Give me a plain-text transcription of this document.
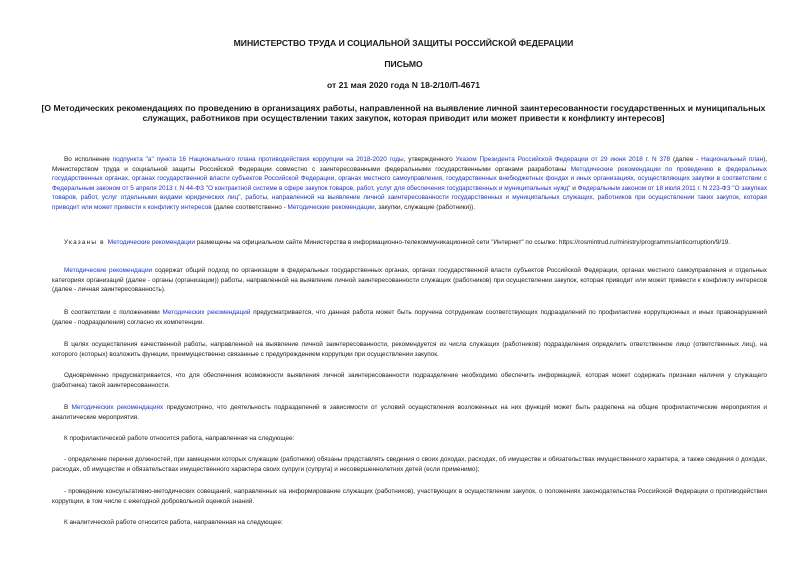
МИНИСТЕРСТВО ТРУДА И СОЦИАЛЬНОЙ ЗАЩИТЫ РОССИЙСКОЙ ФЕДЕРАЦИИ
ПИСЬМО
от 21 мая 2020 года N 18-2/10/П-4671
[О Методических рекомендациях по проведению в организациях работы, направленной на выявление личной заинтересованности государственных и муниципальных служащих, работников при осуществлении таких закупок, которая приводит или может привести к конфликту интересов]

Во исполнение подпункта "а" пункта 16 Национального плана противодействия коррупции на 2018-2020 годы, утвержденного Указом Президента Российской Федерации от 29 июня 2018 г. N 378 (далее - Национальный план), Министерством труда и социальной защиты Российской Федерации совместно с заинтересованными федеральными государственными органами разработаны Методические рекомендации по проведению в федеральных государственных органах, органах государственной власти субъектов Российской Федерации, органах местного самоуправления, государственных внебюджетных фондах и иных организациях, осуществляющих закупки в соответствии с Федеральным законом от 5 апреля 2013 г. N 44-ФЗ "О контрактной системе в сфере закупок товаров, работ, услуг для обеспечения государственных и муниципальных нужд" и Федеральным законом от 18 июля 2011 г. N 223-ФЗ "О закупках товаров, работ, услуг отдельными видами юридических лиц", работы, направленной на выявление личной заинтересованности государственных и муниципальных служащих, работников при осуществлении таких закупок, которая приводит или может привести к конфликту интересов (далее соответственно - Методические рекомендации, закупки, служащие (работники)).

Указаны в Методические рекомендации размещены на официальном сайте Министерства в информационно-телекоммуникационной сети "Интернет" по ссылке: https://rosmintrud.ru/ministry/programms/anticorruption/9/19.

Методические рекомендации содержат общий подход по организации в федеральных государственных органах, органах государственной власти субъектов Российской Федерации, органах местного самоуправления и отдельных категориях организаций (далее - органы (организации)) работы, направленной на выявление личной заинтересованности служащих (работников) при осуществлении закупок, которая приводит или может привести к конфликту интересов (далее - личная заинтересованность).

В соответствии с положениями Методических рекомендаций предусматривается, что данная работа может быть поручена сотрудникам соответствующих подразделений по профилактике коррупционных и иных правонарушений (далее - подразделения) согласно их компетенции.

В целях осуществления качественной работы, направленной на выявление личной заинтересованности, рекомендуется из числа служащих (работников) подразделения определить ответственное лицо (ответственных лиц), на которого (которых) возложить функции, преимущественно связанные с предупреждением коррупции при осуществлении закупок.

Одновременно предусматривается, что для обеспечения возможности выявления личной заинтересованности подразделение необходимо обеспечить информацией, которая может содержать признаки наличия у служащего (работника) такой заинтересованности.

В Методических рекомендациях предусмотрено, что деятельность подразделений в зависимости от условий осуществления возложенных на них функций может быть разделена на общие профилактические мероприятия и аналитические мероприятия.

К профилактической работе относится работа, направленная на следующее:

- определение перечня должностей, при замещении которых служащие (работники) обязаны представлять сведения о своих доходах, расходах, об имуществе и обязательствах имущественного характера, а также сведения о доходах, расходах, об имуществе и обязательствах имущественного характера своих супруги (супруга) и несовершеннолетних детей (если применимо);

- проведение консультативно-методических совещаний, направленных на информирование служащих (работников), участвующих в осуществлении закупок, о положениях законодательства Российской Федерации о противодействии коррупции, в том числе с ежегодной добровольной оценкой знаний.

К аналитической работе относится работа, направленная на следующее:
